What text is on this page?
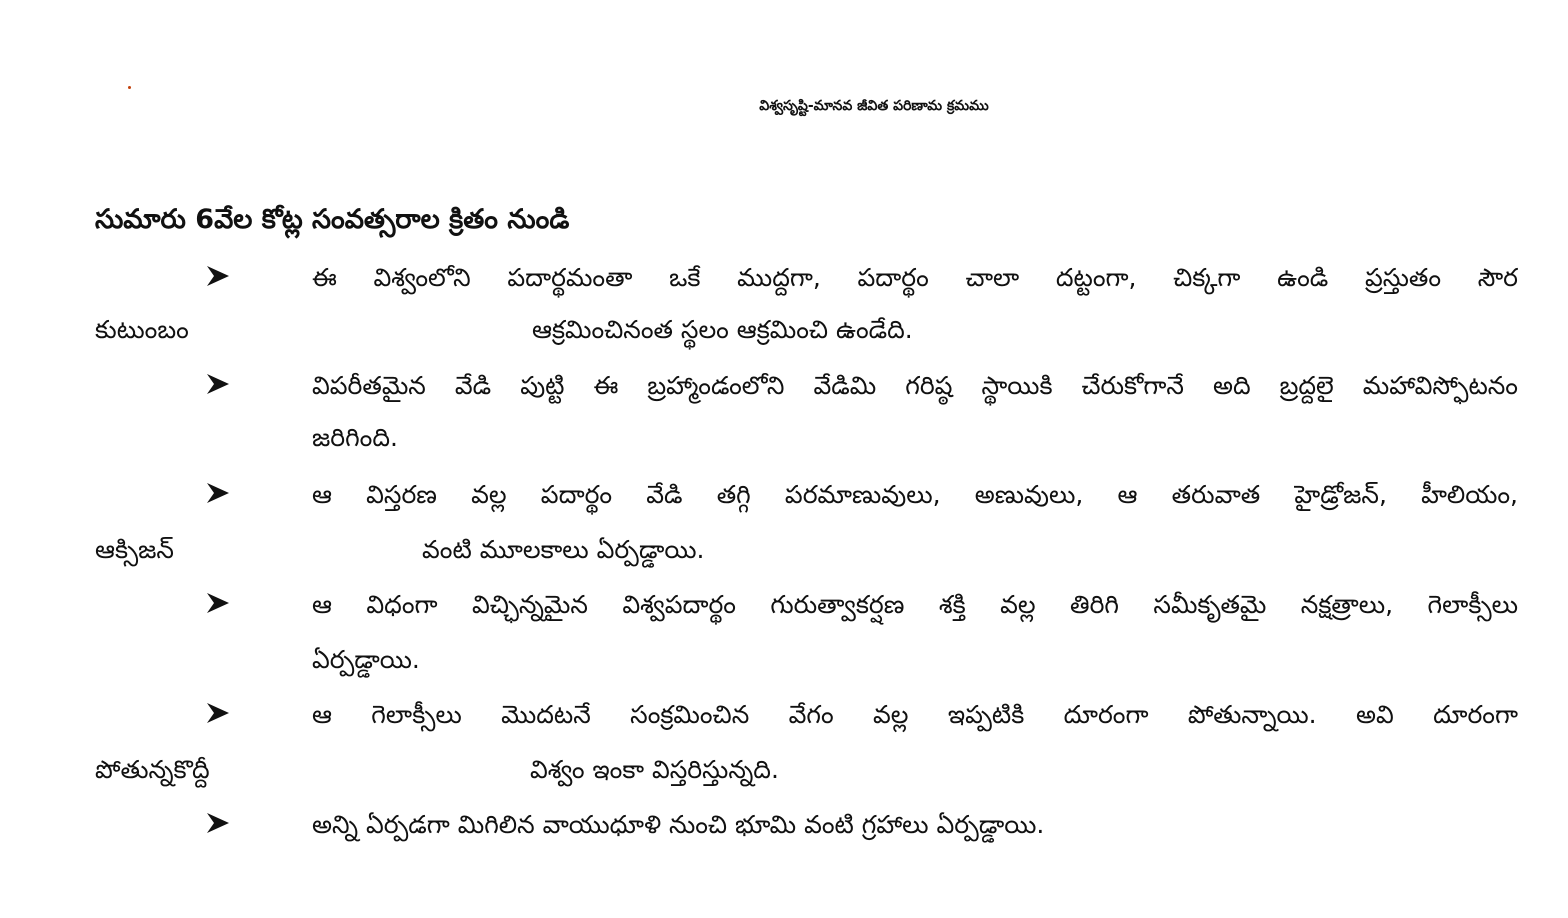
విశ్వసృష్టి-మానవ జీవిత పరిణామ క్రమము
సుమారు 6వేల కోట్ల సంవత్సరాల క్రితం నుండి
ఈ విశ్వంలోని పదార్థమంతా ఒకే ముద్దగా, పదార్థం చాలా దట్టంగా, చిక్కగా ఉండి ప్రస్తుతం సౌర
కుటుంబం	ఆక్రమించినంత స్థలం ఆక్రమించి ఉండేది.
విపరీతమైన వేడి పుట్టి ఈ బ్రహ్మాండంలోని వేడిమి గరిష్ఠ స్థాయికి చేరుకోగానే అది బ్రద్దలై మహావిస్ఫోటనం
జరిగింది.
ఆ విస్తరణ వల్ల పదార్థం వేడి తగ్గి పరమాణువులు, అణువులు, ఆ తరువాత హైడ్రోజన్, హీలియం,
ఆక్సిజన్	వంటి మూలకాలు ఏర్పడ్డాయి.
ఆ విధంగా విచ్ఛిన్నమైన విశ్వపదార్థం గురుత్వాకర్షణ శక్తి వల్ల తిరిగి సమీకృతమై నక్షత్రాలు, గెలాక్సీలు
ఏర్పడ్డాయి.
ఆ గెలాక్సీలు మొదటనే సంక్రమించిన వేగం వల్ల ఇప్పటికి దూరంగా పోతున్నాయి. అవి దూరంగా
పోతున్నకొద్దీ	విశ్వం ఇంకా విస్తరిస్తున్నది.
అన్ని ఏర్పడగా మిగిలిన వాయుధూళి నుంచి భూమి వంటి గ్రహాలు ఏర్పడ్డాయి.
